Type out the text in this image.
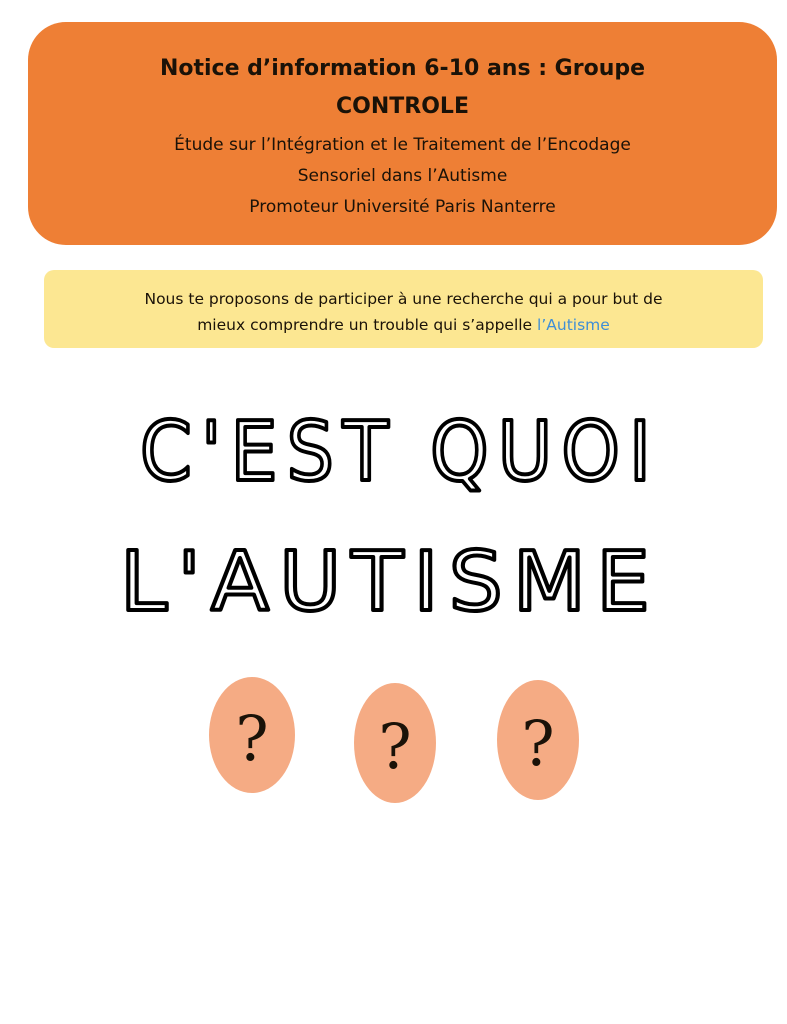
Notice d’information 6-10 ans : Groupe
CONTROLE
Étude sur l’Intégration et le Traitement de l’Encodage
Sensoriel dans l’Autisme
Promoteur Université Paris Nanterre
Nous te proposons de participer à une recherche qui a pour but de
mieux comprendre un trouble qui s’appelle l’Autisme
C'EST QUOI
L'AUTISME
? ? ?
